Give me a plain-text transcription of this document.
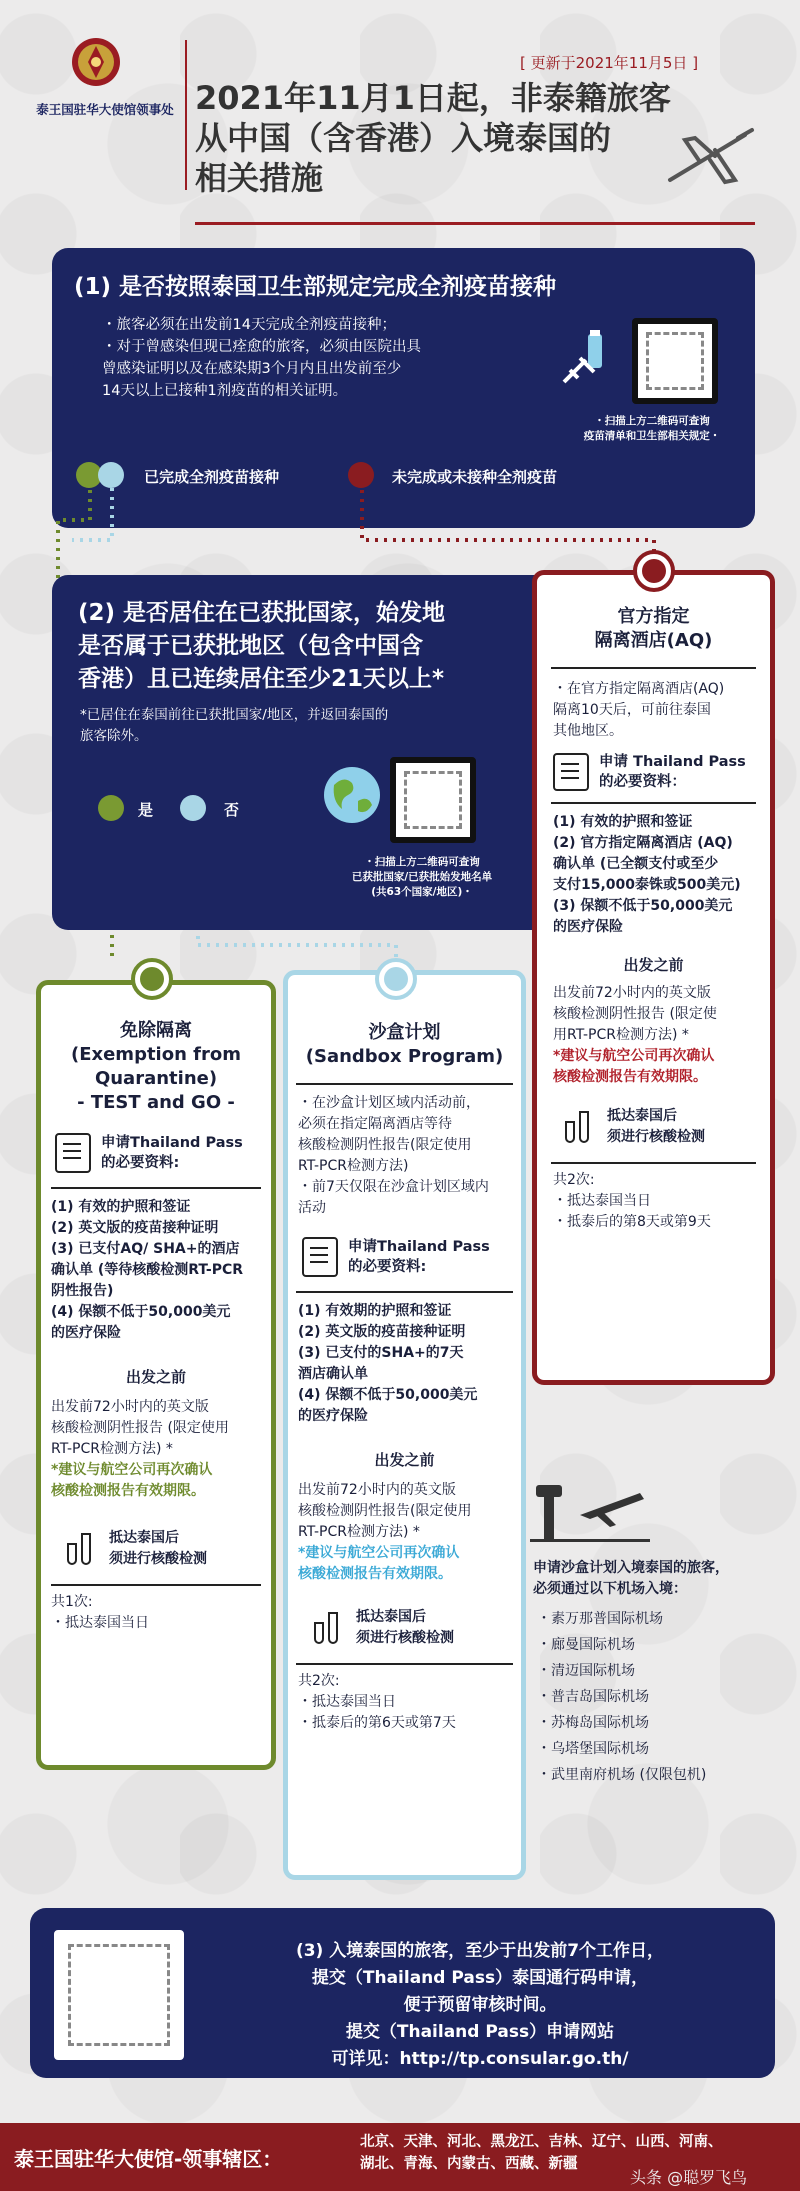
泰王国驻华大使馆领事处
[ 更新于2021年11月5日 ]
2021年11月1日起，非泰籍旅客
从中国（含香港）入境泰国的
相关措施
(1) 是否按照泰国卫生部规定完成全剂疫苗接种
・旅客必须在出发前14天完成全剂疫苗接种；
・对于曾感染但现已痊愈的旅客，必须由医院出具
曾感染证明以及在感染期3个月内且出发前至少
14天以上已接种1剂疫苗的相关证明。
・扫描上方二维码可查询
疫苗清单和卫生部相关规定・
已完成全剂疫苗接种	未完成或未接种全剂疫苗
(2) 是否居住在已获批国家，始发地
是否属于已获批地区（包含中国含
香港）且已连续居住至少21天以上*
*已居住在泰国前往已获批国家/地区，并返回泰国的
旅客除外。
是	否
・扫描上方二维码可查询
已获批国家/已获批始发地名单
(共63个国家/地区)・
官方指定
隔离酒店(AQ)
・在官方指定隔离酒店(AQ)
隔离10天后，可前往泰国
其他地区。
申请 Thailand Pass
的必要资料：
(1) 有效的护照和签证
(2) 官方指定隔离酒店 (AQ)
确认单 (已全额支付或至少
支付15,000泰铢或500美元)
(3) 保额不低于50,000美元
的医疗保险
出发之前
出发前72小时内的英文版
核酸检测阴性报告 (限定使
用RT-PCR检测方法) *
*建议与航空公司再次确认
核酸检测报告有效期限。
抵达泰国后
须进行核酸检测
共2次:
・抵达泰国当日
・抵泰后的第8天或第9天
免除隔离
(Exemption from
Quarantine)
- TEST and GO -
申请Thailand Pass
的必要资料:
(1) 有效的护照和签证
(2) 英文版的疫苗接种证明
(3) 已支付AQ/ SHA+的酒店
确认单 (等待核酸检测RT-PCR
阴性报告)
(4) 保额不低于50,000美元
的医疗保险
出发之前
出发前72小时内的英文版
核酸检测阴性报告 (限定使用
RT-PCR检测方法) *
*建议与航空公司再次确认
核酸检测报告有效期限。
抵达泰国后
须进行核酸检测
共1次:
・抵达泰国当日
沙盒计划
(Sandbox Program)
・在沙盒计划区域内活动前，
必须在指定隔离酒店等待
核酸检测阴性报告(限定使用
RT-PCR检测方法)
・前7天仅限在沙盒计划区域内
活动
申请Thailand Pass
的必要资料:
(1) 有效期的护照和签证
(2) 英文版的疫苗接种证明
(3) 已支付的SHA+的7天
酒店确认单
(4) 保额不低于50,000美元
的医疗保险
出发之前
出发前72小时内的英文版
核酸检测阴性报告(限定使用
RT-PCR检测方法) *
*建议与航空公司再次确认
核酸检测报告有效期限。
抵达泰国后
须进行核酸检测
共2次:
・抵达泰国当日
・抵泰后的第6天或第7天
申请沙盒计划入境泰国的旅客，
必须通过以下机场入境：
・素万那普国际机场
・廊曼国际机场
・清迈国际机场
・普吉岛国际机场
・苏梅岛国际机场
・乌塔堡国际机场
・武里南府机场 (仅限包机)
(3) 入境泰国的旅客，至少于出发前7个工作日，
提交（Thailand Pass）泰国通行码申请，
便于预留审核时间。
提交（Thailand Pass）申请网站
可详见：http://tp.consular.go.th/
泰王国驻华大使馆-领事辖区：
北京、天津、河北、黑龙江、吉林、辽宁、山西、河南、
湖北、青海、内蒙古、西藏、新疆
头条 @聪罗飞鸟
